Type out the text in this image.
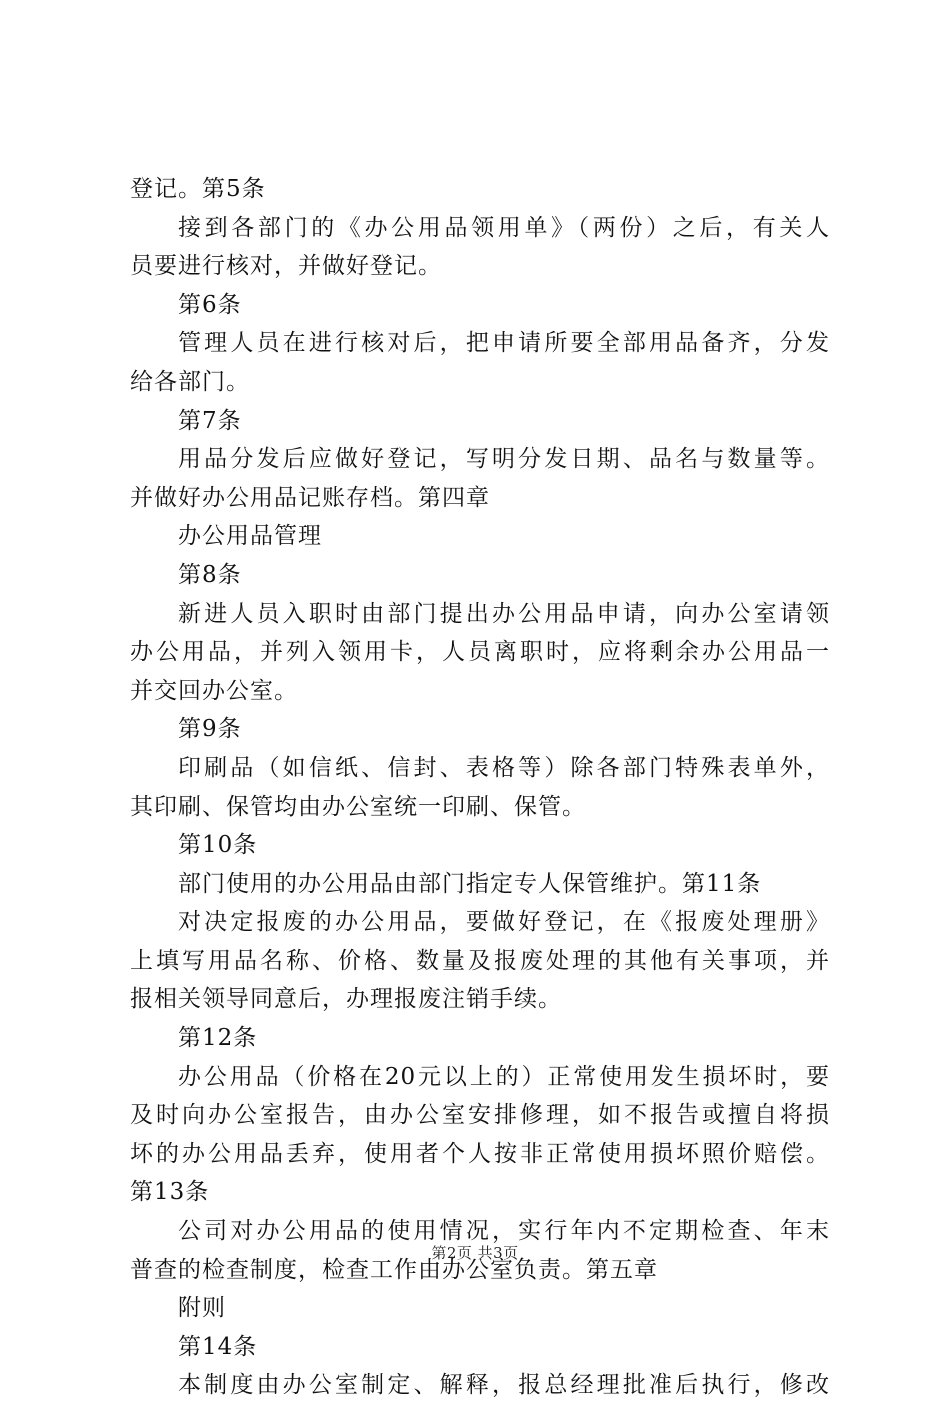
登记。第5条
接到各部门的《办公用品领用单》（两份）之后，有关人
员要进行核对，并做好登记。
第6条
管理人员在进行核对后，把申请所要全部用品备齐，分发
给各部门。
第7条
用品分发后应做好登记，写明分发日期、品名与数量等。
并做好办公用品记账存档。第四章
办公用品管理
第8条
新进人员入职时由部门提出办公用品申请，向办公室请领
办公用品，并列入领用卡，人员离职时，应将剩余办公用品一
并交回办公室。
第9条
印刷品（如信纸、信封、表格等）除各部门特殊表单外，
其印刷、保管均由办公室统一印刷、保管。
第10条
部门使用的办公用品由部门指定专人保管维护。第11条
对决定报废的办公用品，要做好登记，在《报废处理册》
上填写用品名称、价格、数量及报废处理的其他有关事项，并
报相关领导同意后，办理报废注销手续。
第12条
办公用品（价格在20元以上的）正常使用发生损坏时，要
及时向办公室报告，由办公室安排修理，如不报告或擅自将损
坏的办公用品丢弃，使用者个人按非正常使用损坏照价赔偿。
第13条
公司对办公用品的使用情况，实行年内不定期检查、年末
普查的检查制度，检查工作由办公室负责。第五章
附则
第14条
本制度由办公室制定、解释，报总经理批准后执行，修改
第2页 共3页
